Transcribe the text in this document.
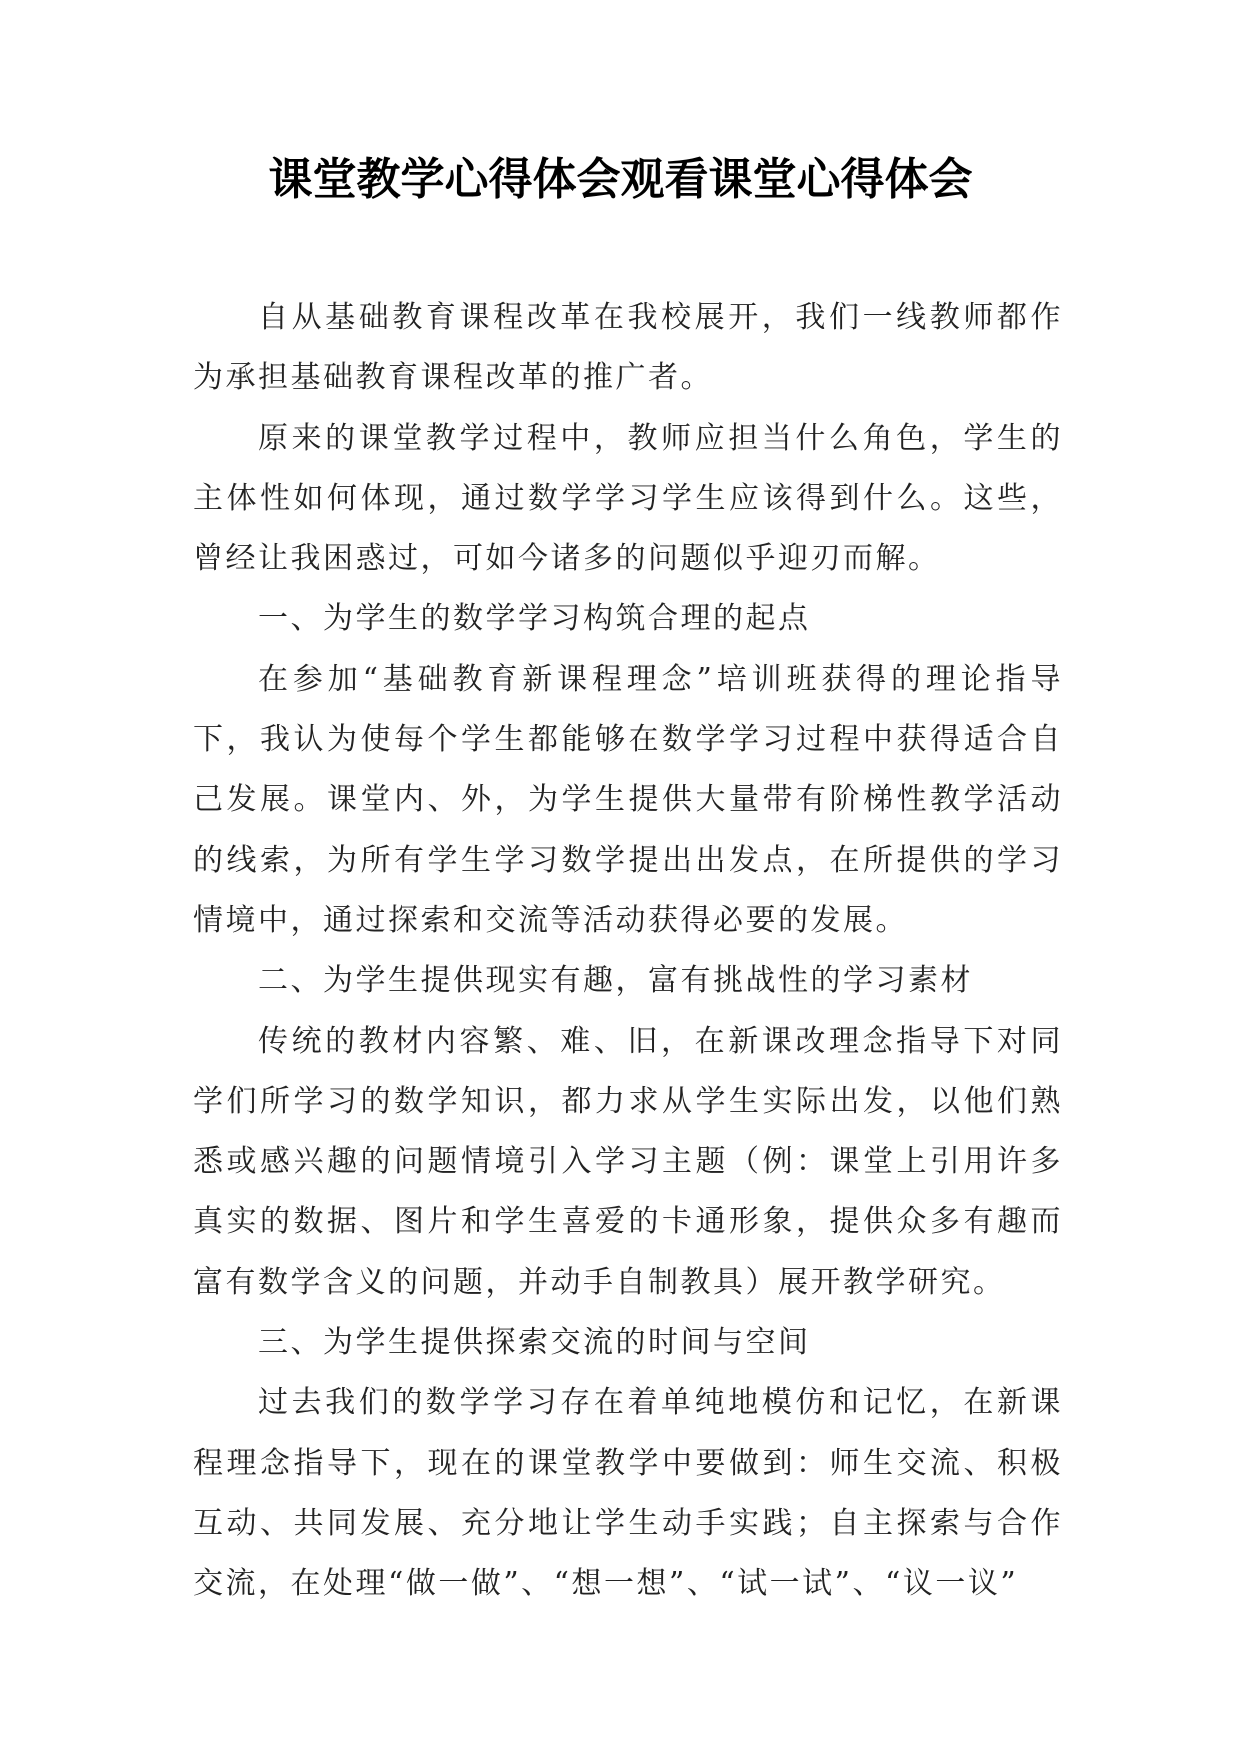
课堂教学心得体会观看课堂心得体会

自从基础教育课程改革在我校展开，我们一线教师都作为承担基础教育课程改革的推广者。

原来的课堂教学过程中，教师应担当什么角色，学生的主体性如何体现，通过数学学习学生应该得到什么。这些，曾经让我困惑过，可如今诸多的问题似乎迎刃而解。

一、为学生的数学学习构筑合理的起点

在参加“基础教育新课程理念”培训班获得的理论指导下，我认为使每个学生都能够在数学学习过程中获得适合自己发展。课堂内、外，为学生提供大量带有阶梯性教学活动的线索，为所有学生学习数学提出出发点，在所提供的学习情境中，通过探索和交流等活动获得必要的发展。

二、为学生提供现实有趣，富有挑战性的学习素材

传统的教材内容繁、难、旧，在新课改理念指导下对同学们所学习的数学知识，都力求从学生实际出发，以他们熟悉或感兴趣的问题情境引入学习主题（例：课堂上引用许多真实的数据、图片和学生喜爱的卡通形象，提供众多有趣而富有数学含义的问题，并动手自制教具）展开教学研究。

三、为学生提供探索交流的时间与空间

过去我们的数学学习存在着单纯地模仿和记忆，在新课程理念指导下，现在的课堂教学中要做到：师生交流、积极互动、共同发展、充分地让学生动手实践；自主探索与合作交流，在处理“做一做”、“想一想”、“试一试”、“议一议”
